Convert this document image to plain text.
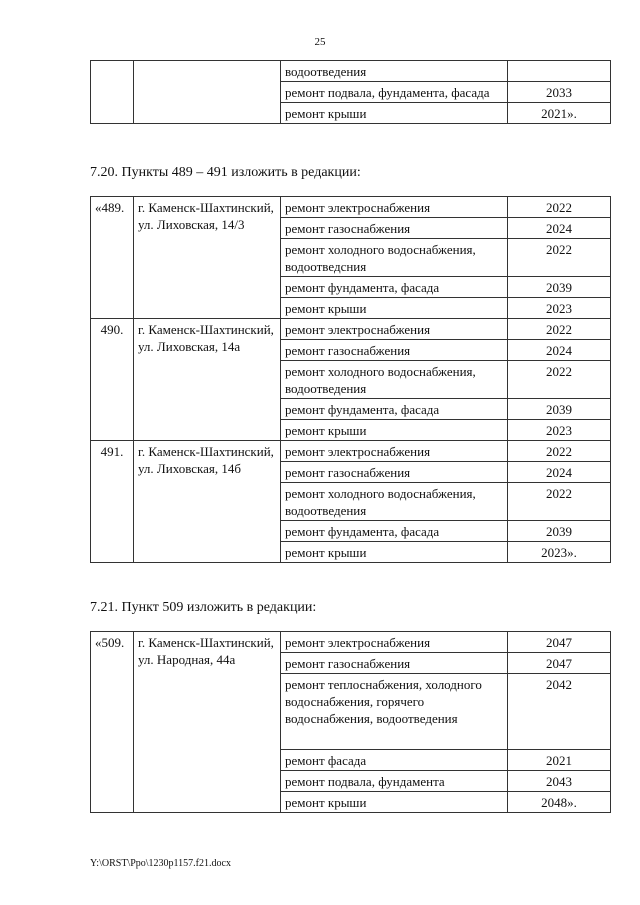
25
		водоотведения	
		ремонт подвала, фундамента, фасада	2033
		ремонт крыши	2021».
7.20. Пункты 489 – 491 изложить в редакции:
«489.	г. Каменск-Шахтинский, ул. Лиховская, 14/3	ремонт электроснабжения	2022
		ремонт газоснабжения	2024
		ремонт холодного водоснабжения, водоотведсния	2022
		ремонт фундамента, фасада	2039
		ремонт крыши	2023
490.	г. Каменск-Шахтинский, ул. Лиховская, 14а	ремонт электроснабжения	2022
		ремонт газоснабжения	2024
		ремонт холодного водоснабжения, водоотведения	2022
		ремонт фундамента, фасада	2039
		ремонт крыши	2023
491.	г. Каменск-Шахтинский, ул. Лиховская, 14б	ремонт электроснабжения	2022
		ремонт газоснабжения	2024
		ремонт холодного водоснабжения, водоотведения	2022
		ремонт фундамента, фасада	2039
		ремонт крыши	2023».
7.21. Пункт 509 изложить в редакции:
«509.	г. Каменск-Шахтинский, ул. Народная, 44а	ремонт электроснабжения	2047
		ремонт газоснабжения	2047
		ремонт теплоснабжения, холодного водоснабжения, горячего водоснабжения, водоотведения	2042
		ремонт фасада	2021
		ремонт подвала, фундамента	2043
		ремонт крыши	2048».
Y:\ORST\Ppo\1230p1157.f21.docx
